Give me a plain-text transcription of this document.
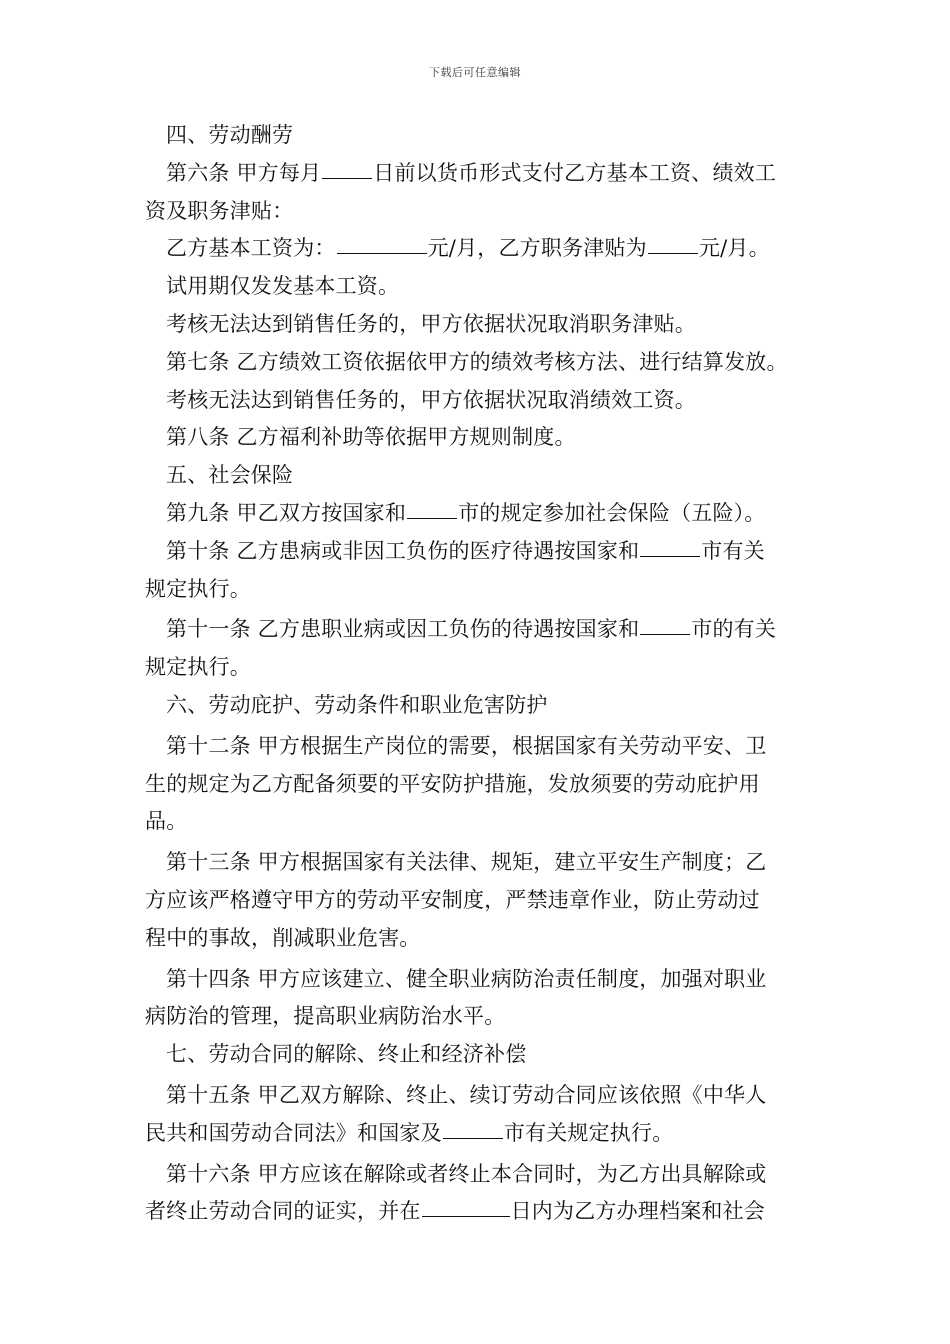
下载后可任意编辑
四、劳动酬劳
第六条 甲方每月 日前以货币形式支付乙方基本工资、绩效工
资及职务津贴：
乙方基本工资为：	元/月，乙方职务津贴为 元/月。
试用期仅发发基本工资。
考核无法达到销售任务的，甲方依据状况取消职务津贴。
第七条 乙方绩效工资依据依甲方的绩效考核方法、进行结算发放。
考核无法达到销售任务的，甲方依据状况取消绩效工资。
第八条 乙方福利补助等依据甲方规则制度。
五、社会保险
第九条 甲乙双方按国家和 市的规定参加社会保险（五险）。
第十条 乙方患病或非因工负伤的医疗待遇按国家和	市有关
规定执行。
第十一条 乙方患职业病或因工负伤的待遇按国家和 市的有关
规定执行。
六、劳动庇护、劳动条件和职业危害防护
第十二条 甲方根据生产岗位的需要，根据国家有关劳动平安、卫
生的规定为乙方配备须要的平安防护措施，发放须要的劳动庇护用
品。
第十三条 甲方根据国家有关法律、规矩，建立平安生产制度；乙
方应该严格遵守甲方的劳动平安制度，严禁违章作业，防止劳动过
程中的事故，削减职业危害。
第十四条 甲方应该建立、健全职业病防治责任制度，加强对职业
病防治的管理，提高职业病防治水平。
七、劳动合同的解除、终止和经济补偿
第十五条 甲乙双方解除、终止、续订劳动合同应该依照《中华人
民共和国劳动合同法》和国家及	市有关规定执行。
第十六条 甲方应该在解除或者终止本合同时，为乙方出具解除或
者终止劳动合同的证实，并在	日内为乙方办理档案和社会
